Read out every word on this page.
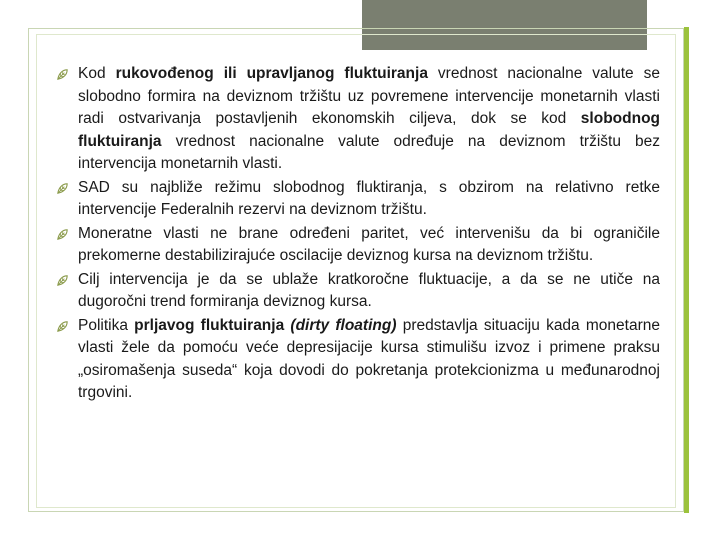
Kod rukovođenog ili upravljanog fluktuiranja vrednost nacionalne valute se slobodno formira na deviznom tržištu uz povremene intervencije monetarnih vlasti radi ostvarivanja postavljenih ekonomskih ciljeva, dok se kod slobodnog fluktuiranja vrednost nacionalne valute određuje na deviznom tržištu bez intervencija monetarnih vlasti.
SAD su najbliže režimu slobodnog fluktiranja, s obzirom na relativno retke intervencije Federalnih rezervi na deviznom tržištu.
Moneratne vlasti ne brane određeni paritet, već intervenišu da bi ograničile prekomerne destabilizirajuće oscilacije deviznog kursa na deviznom tržištu.
Cilj intervencija je da se ublaže kratkoročne fluktuacije, a da se ne utiče na dugoročni trend formiranja deviznog kursa.
Politika prljavog fluktuiranja (dirty floating) predstavlja situaciju kada monetarne vlasti žele da pomoću veće depresijacije kursa stimulišu izvoz i primene praksu „osiromašenja suseda“ koja dovodi do pokretanja protekcionizma u međunarodnoj trgovini.
